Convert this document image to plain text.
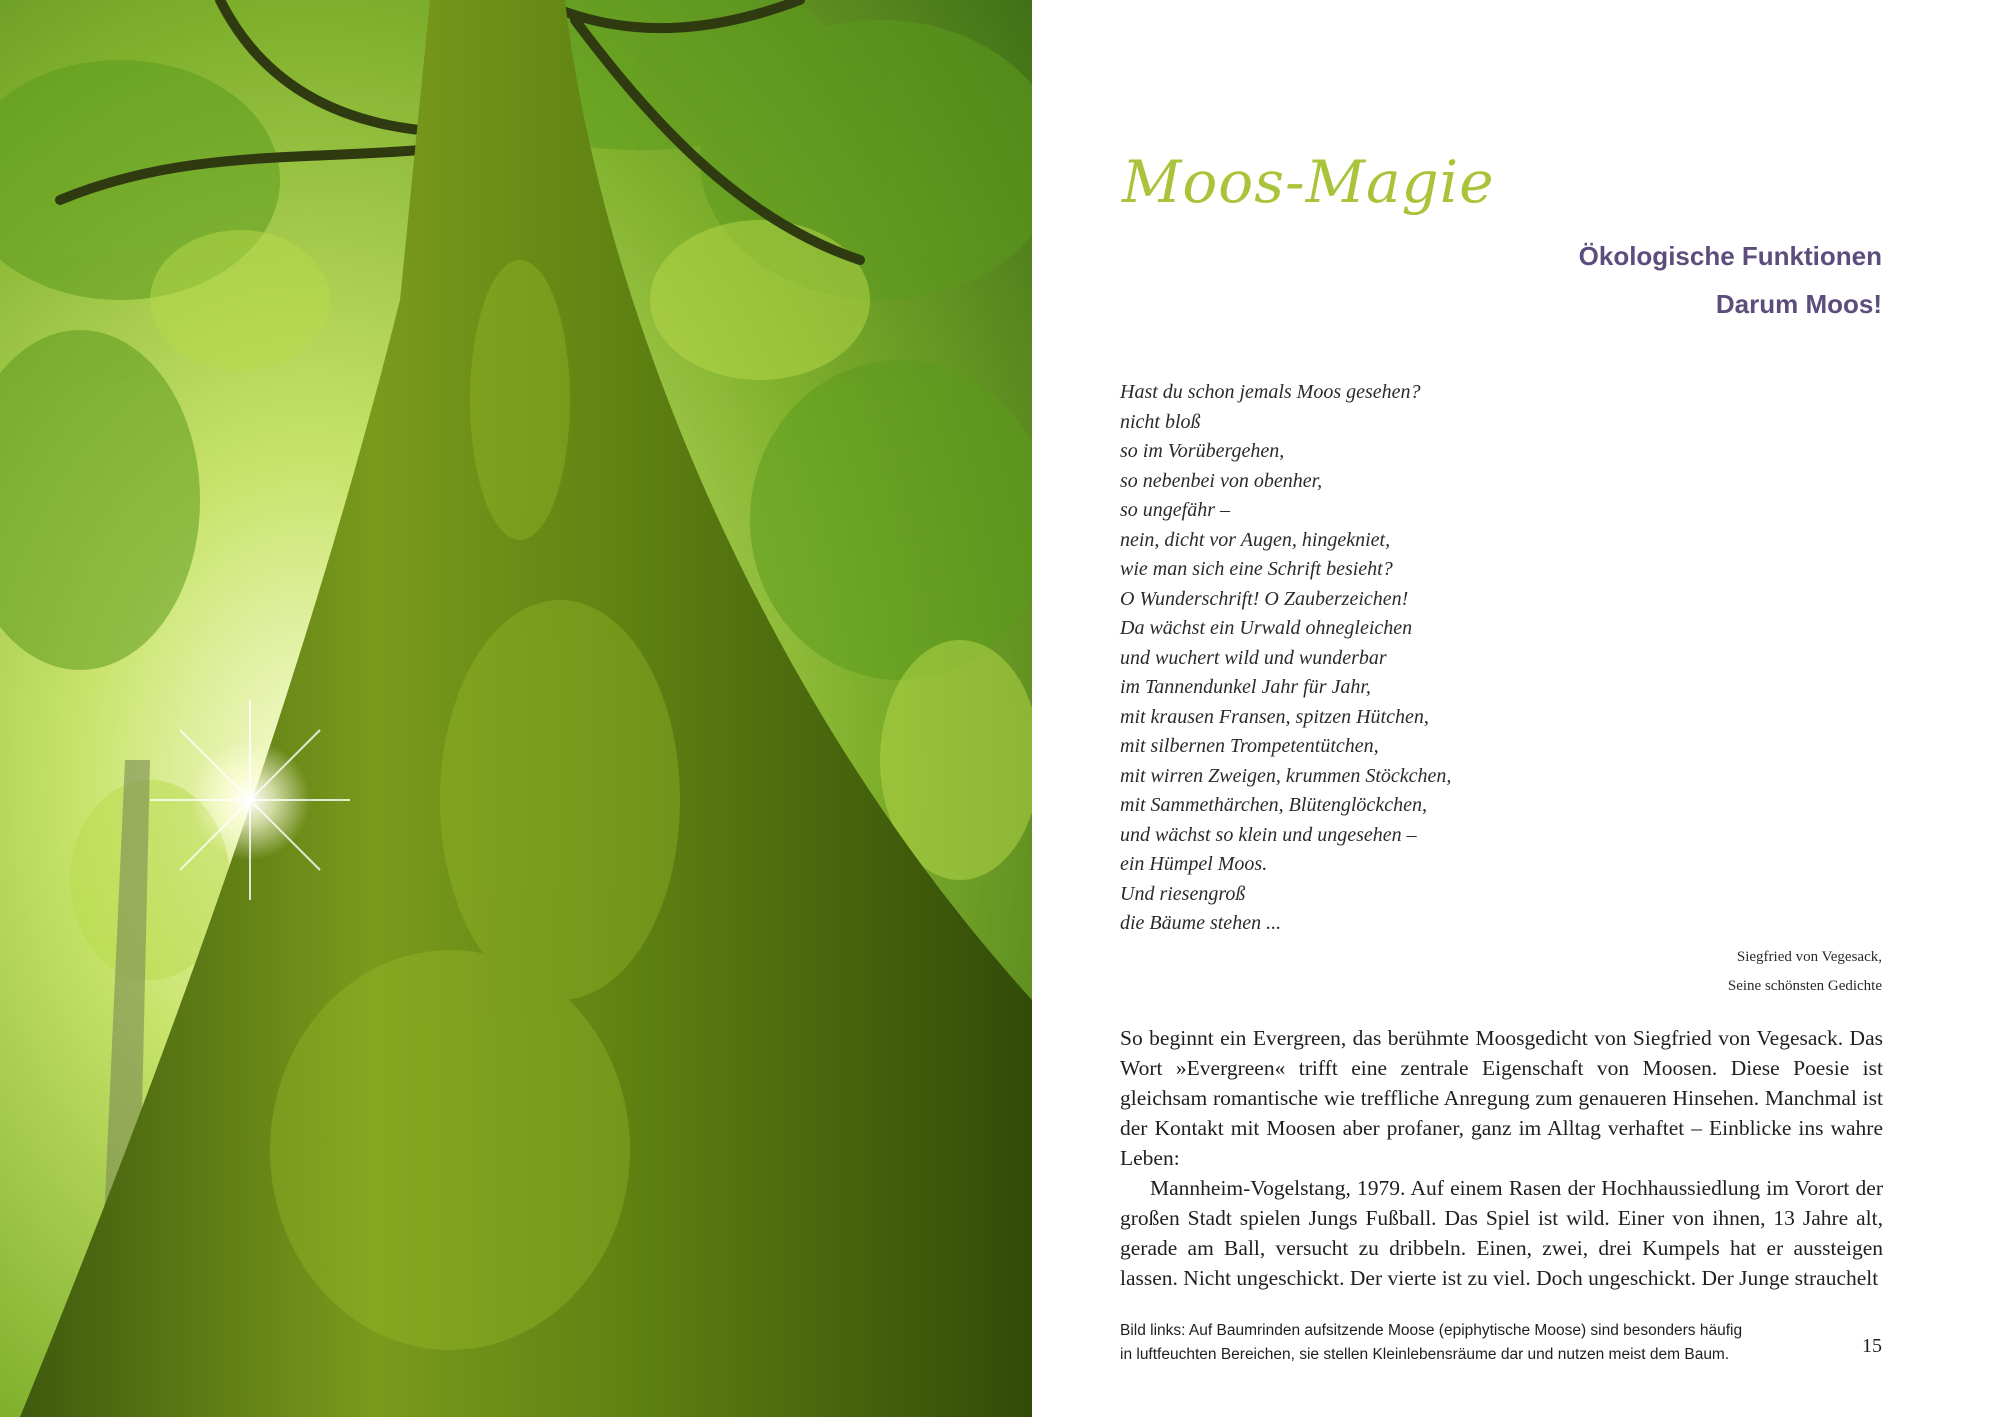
Moos-Magie
Ökologische Funktionen
Darum Moos!
Hast du schon jemals Moos gesehen?
nicht bloß
so im Vorübergehen,
so nebenbei von obenher,
so ungefähr –
nein, dicht vor Augen, hingekniet,
wie man sich eine Schrift besieht?
O Wunderschrift! O Zauberzeichen!
Da wächst ein Urwald ohnegleichen
und wuchert wild und wunderbar
im Tannendunkel Jahr für Jahr,
mit krausen Fransen, spitzen Hütchen,
mit silbernen Trompetentütchen,
mit wirren Zweigen, krummen Stöckchen,
mit Sammethärchen, Blütenglöckchen,
und wächst so klein und ungesehen –
ein Hümpel Moos.
Und riesengroß
die Bäume stehen ...
Siegfried von Vegesack,
Seine schönsten Gedichte

So beginnt ein Evergreen, das berühmte Moosgedicht von Siegfried von Vegesack. Das Wort »Evergreen« trifft eine zentrale Eigenschaft von Moosen. Diese Poesie ist gleichsam romantische wie treffliche Anregung zum genaueren Hinsehen. Manchmal ist der Kontakt mit Moosen aber profaner, ganz im Alltag verhaftet – Einblicke ins wahre Leben:

Mannheim-Vogelstang, 1979. Auf einem Rasen der Hochhaussiedlung im Vorort der großen Stadt spielen Jungs Fußball. Das Spiel ist wild. Einer von ihnen, 13 Jahre alt, gerade am Ball, versucht zu dribbeln. Einen, zwei, drei Kumpels hat er aussteigen lassen. Nicht ungeschickt. Der vierte ist zu viel. Doch ungeschickt. Der Junge strauchelt

Bild links: Auf Baumrinden aufsitzende Moose (epiphytische Moose) sind besonders häufig
in luftfeuchten Bereichen, sie stellen Kleinlebensräume dar und nutzen meist dem Baum.	15
